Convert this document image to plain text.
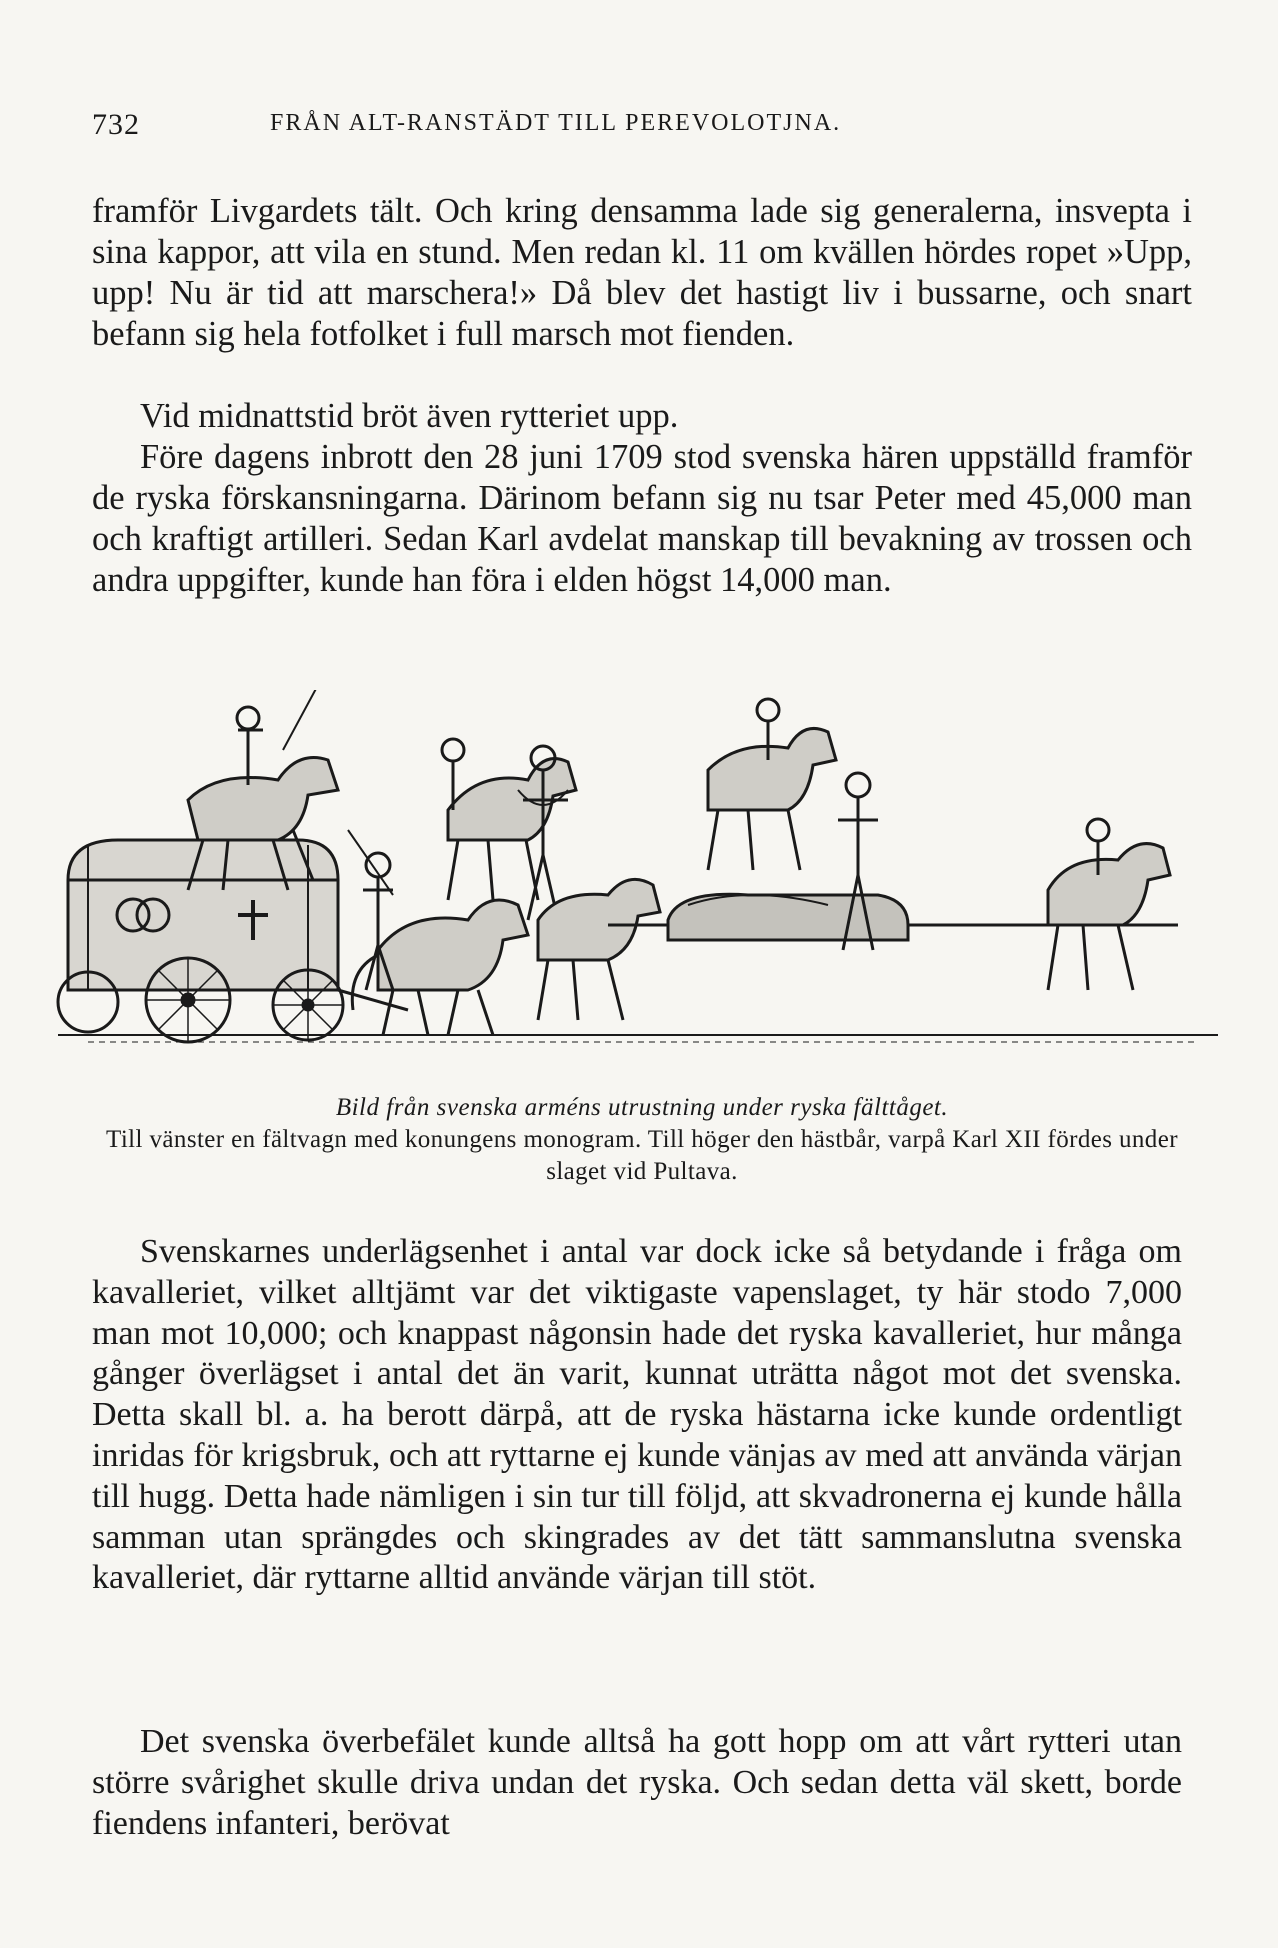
732	FRÅN ALT-RANSTÄDT TILL PEREVOLOTJNA.

framför Livgardets tält. Och kring densamma lade sig generalerna, insvepta i sina kappor, att vila en stund. Men redan kl. 11 om kvällen hördes ropet »Upp, upp! Nu är tid att marschera!» Då blev det hastigt liv i bussarne, och snart befann sig hela fotfolket i full marsch mot fienden.

Vid midnattstid bröt även rytteriet upp.

Före dagens inbrott den 28 juni 1709 stod svenska hären uppställd framför de ryska förskansningarna. Därinom befann sig nu tsar Peter med 45,000 man och kraftigt artilleri. Sedan Karl avdelat manskap till bevakning av trossen och andra uppgifter, kunde han föra i elden högst 14,000 man.

Bild från svenska arméns utrustning under ryska fälttåget.
Till vänster en fältvagn med konungens monogram. Till höger den hästbår, varpå Karl XII fördes under slaget vid Pultava.

Svenskarnes underlägsenhet i antal var dock icke så betydande i fråga om kavalleriet, vilket alltjämt var det viktigaste vapenslaget, ty här stodo 7,000 man mot 10,000; och knappast någonsin hade det ryska kavalleriet, hur många gånger överlägset i antal det än varit, kunnat uträtta något mot det svenska. Detta skall bl. a. ha berott därpå, att de ryska hästarna icke kunde ordentligt inridas för krigsbruk, och att ryttarne ej kunde vänjas av med att använda värjan till hugg. Detta hade nämligen i sin tur till följd, att skvadronerna ej kunde hålla samman utan sprängdes och skingrades av det tätt sammanslutna svenska kavalleriet, där ryttarne alltid använde värjan till stöt.

Det svenska överbefälet kunde alltså ha gott hopp om att vårt rytteri utan större svårighet skulle driva undan det ryska. Och sedan detta väl skett, borde fiendens infanteri, berövat
